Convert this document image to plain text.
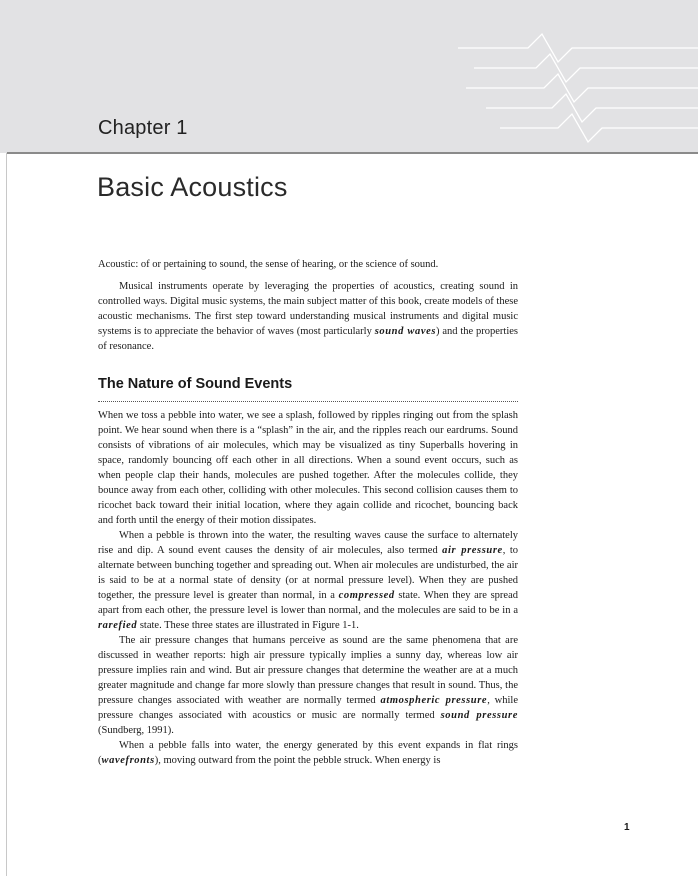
Chapter 1
Basic Acoustics

Acoustic: of or pertaining to sound, the sense of hearing, or the science of sound.

Musical instruments operate by leveraging the properties of acoustics, creating sound in controlled ways. Digital music systems, the main subject matter of this book, create models of these acoustic mechanisms. The first step toward understanding musical instruments and digital music systems is to appreciate the behavior of waves (most particularly sound waves) and the properties of resonance.

The Nature of Sound Events

When we toss a pebble into water, we see a splash, followed by ripples ringing out from the splash point. We hear sound when there is a “splash” in the air, and the ripples reach our eardrums. Sound consists of vibrations of air molecules, which may be visualized as tiny Superballs hovering in space, randomly bouncing off each other in all directions. When a sound event occurs, such as when people clap their hands, molecules are pushed together. After the molecules collide, they bounce away from each other, colliding with other molecules. This second collision causes them to ricochet back toward their initial location, where they again collide and ricochet, bouncing back and forth until the energy of their motion dissipates.

When a pebble is thrown into the water, the resulting waves cause the surface to alternately rise and dip. A sound event causes the density of air molecules, also termed air pressure, to alternate between bunching together and spreading out. When air molecules are undisturbed, the air is said to be at a normal state of density (or at normal pressure level). When they are pushed together, the pressure level is greater than normal, in a compressed state. When they are spread apart from each other, the pressure level is lower than normal, and the molecules are said to be in a rarefied state. These three states are illustrated in Figure 1-1.

The air pressure changes that humans perceive as sound are the same phenomena that are discussed in weather reports: high air pressure typically implies a sunny day, whereas low air pressure implies rain and wind. But air pressure changes that determine the weather are at a much greater magnitude and change far more slowly than pressure changes that result in sound. Thus, the pressure changes associated with weather are normally termed atmospheric pressure, while pressure changes associated with acoustics or music are normally termed sound pressure (Sundberg, 1991).

When a pebble falls into water, the energy generated by this event expands in flat rings (wavefronts), moving outward from the point the pebble struck. When energy is

1
